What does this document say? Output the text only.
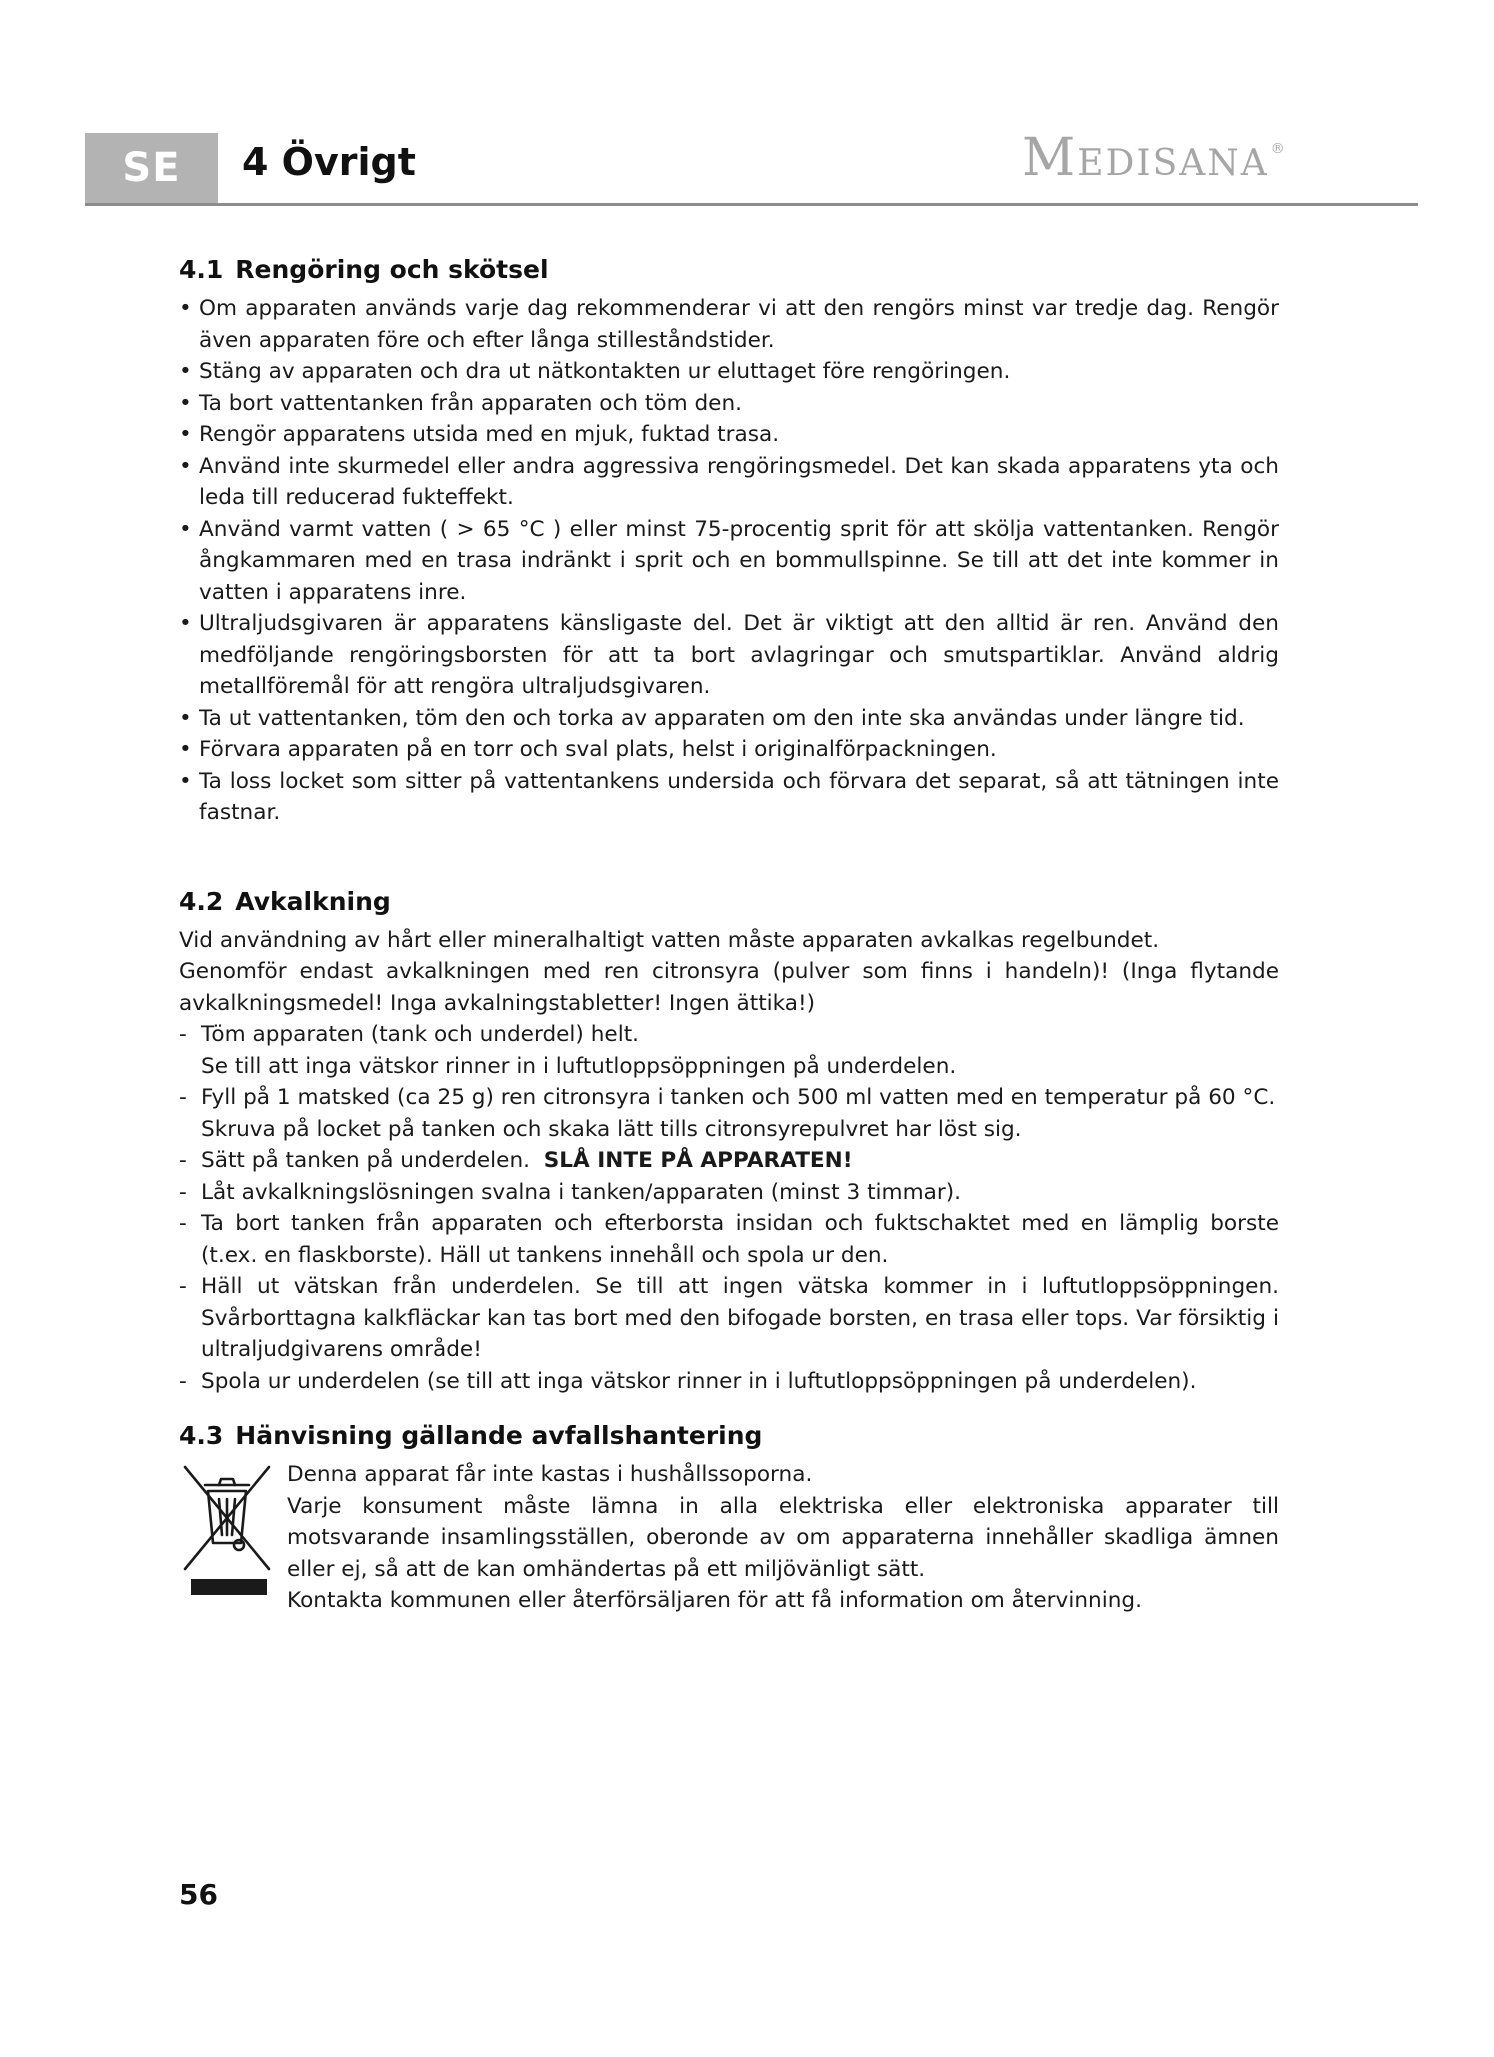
SE	4 Övrigt	Medisana ®
4.1 Rengöring och skötsel
• Om apparaten används varje dag rekommenderar vi att den rengörs minst var tredje dag. Rengör även apparaten före och efter långa stilleståndstider.
• Stäng av apparaten och dra ut nätkontakten ur eluttaget före rengöringen.
• Ta bort vattentanken från apparaten och töm den.
• Rengör apparatens utsida med en mjuk, fuktad trasa.
• Använd inte skurmedel eller andra aggressiva rengöringsmedel. Det kan skada apparatens yta och leda till reducerad fukteffekt.
• Använd varmt vatten ( > 65 °C ) eller minst 75-procentig sprit för att skölja vattentanken. Rengör ångkammaren med en trasa indränkt i sprit och en bommullspinne. Se till att det inte kommer in vatten i apparatens inre.
• Ultraljudsgivaren är apparatens känsligaste del. Det är viktigt att den alltid är ren. Använd den medföljande rengöringsborsten för att ta bort avlagringar och smutspartiklar. Använd aldrig metallföremål för att rengöra ultraljudsgivaren.
• Ta ut vattentanken, töm den och torka av apparaten om den inte ska användas under längre tid.
• Förvara apparaten på en torr och sval plats, helst i originalförpackningen.
• Ta loss locket som sitter på vattentankens undersida och förvara det separat, så att tätningen inte fastnar.
4.2 Avkalkning

Vid användning av hårt eller mineralhaltigt vatten måste apparaten avkalkas regelbundet.

Genomför endast avkalkningen med ren citronsyra (pulver som finns i handeln)! (Inga flytande avkalkningsmedel! Inga avkalningstabletter! Ingen ättika!)

- Töm apparaten (tank och underdel) helt.
Se till att inga vätskor rinner in i luftutloppsöppningen på underdelen.
- Fyll på 1 matsked (ca 25 g) ren citronsyra i tanken och 500 ml vatten med en temperatur på 60 °C.
Skruva på locket på tanken och skaka lätt tills citronsyrepulvret har löst sig.
- Sätt på tanken på underdelen. SLÅ INTE PÅ APPARATEN!
- Låt avkalkningslösningen svalna i tanken/apparaten (minst 3 timmar).
- Ta bort tanken från apparaten och efterborsta insidan och fuktschaktet med en lämplig borste (t.ex. en flaskborste). Häll ut tankens innehåll och spola ur den.
- Häll ut vätskan från underdelen. Se till att ingen vätska kommer in i luftutloppsöppningen. Svårborttagna kalkfläckar kan tas bort med den bifogade borsten, en trasa eller tops. Var försiktig i ultraljudgivarens område!
- Spola ur underdelen (se till att inga vätskor rinner in i luftutloppsöppningen på underdelen).
4.3 Hänvisning gällande avfallshantering

Denna apparat får inte kastas i hushållssoporna.

Varje konsument måste lämna in alla elektriska eller elektroniska apparater till motsvarande insamlingsställen, oberonde av om apparaterna innehåller skadliga ämnen eller ej, så att de kan omhändertas på ett miljövänligt sätt.

Kontakta kommunen eller återförsäljaren för att få information om återvinning.

56
